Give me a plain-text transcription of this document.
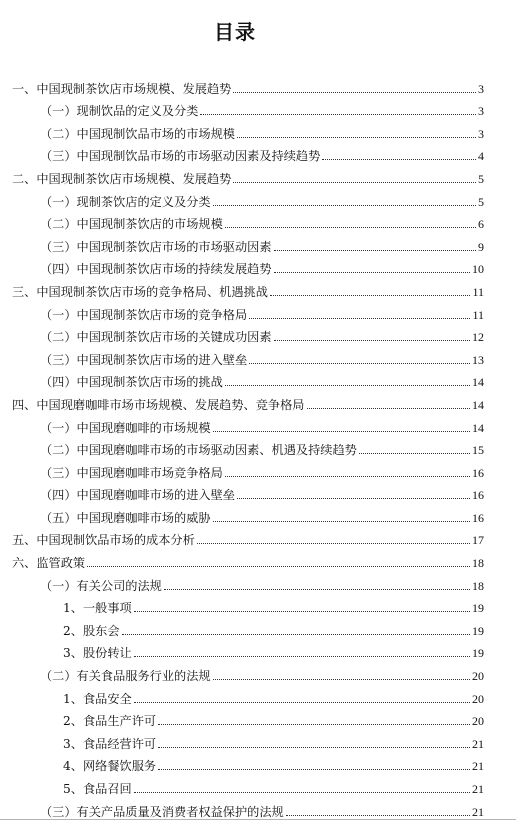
目录
一、中国现制茶饮店市场规模、发展趋势	3
（一）现制饮品的定义及分类	3
（二）中国现制饮品市场的市场规模	3
（三）中国现制饮品市场的市场驱动因素及持续趋势	4
二、中国现制茶饮店市场规模、发展趋势	5
（一）现制茶饮店的定义及分类	5
（二）中国现制茶饮店的市场规模	6
（三）中国现制茶饮店市场的市场驱动因素	9
（四）中国现制茶饮店市场的持续发展趋势	10
三、中国现制茶饮店市场的竞争格局、机遇挑战	11
（一）中国现制茶饮店市场的竞争格局	11
（二）中国现制茶饮店市场的关键成功因素	12
（三）中国现制茶饮店市场的进入壁垒	13
（四）中国现制茶饮店市场的挑战	14
四、中国现磨咖啡市场市场规模、发展趋势、竞争格局	14
（一）中国现磨咖啡的市场规模	14
（二）中国现磨咖啡市场的市场驱动因素、机遇及持续趋势	15
（三）中国现磨咖啡市场竞争格局	16
（四）中国现磨咖啡市场的进入壁垒	16
（五）中国现磨咖啡市场的威胁	16
五、中国现制饮品市场的成本分析	17
六、监管政策	18
（一）有关公司的法规	18
1、一般事项	19
2、股东会	19
3、股份转让	19
（二）有关食品服务行业的法规	20
1、食品安全	20
2、食品生产许可	20
3、食品经营许可	21
4、网络餐饮服务	21
5、食品召回	21
（三）有关产品质量及消费者权益保护的法规	21
